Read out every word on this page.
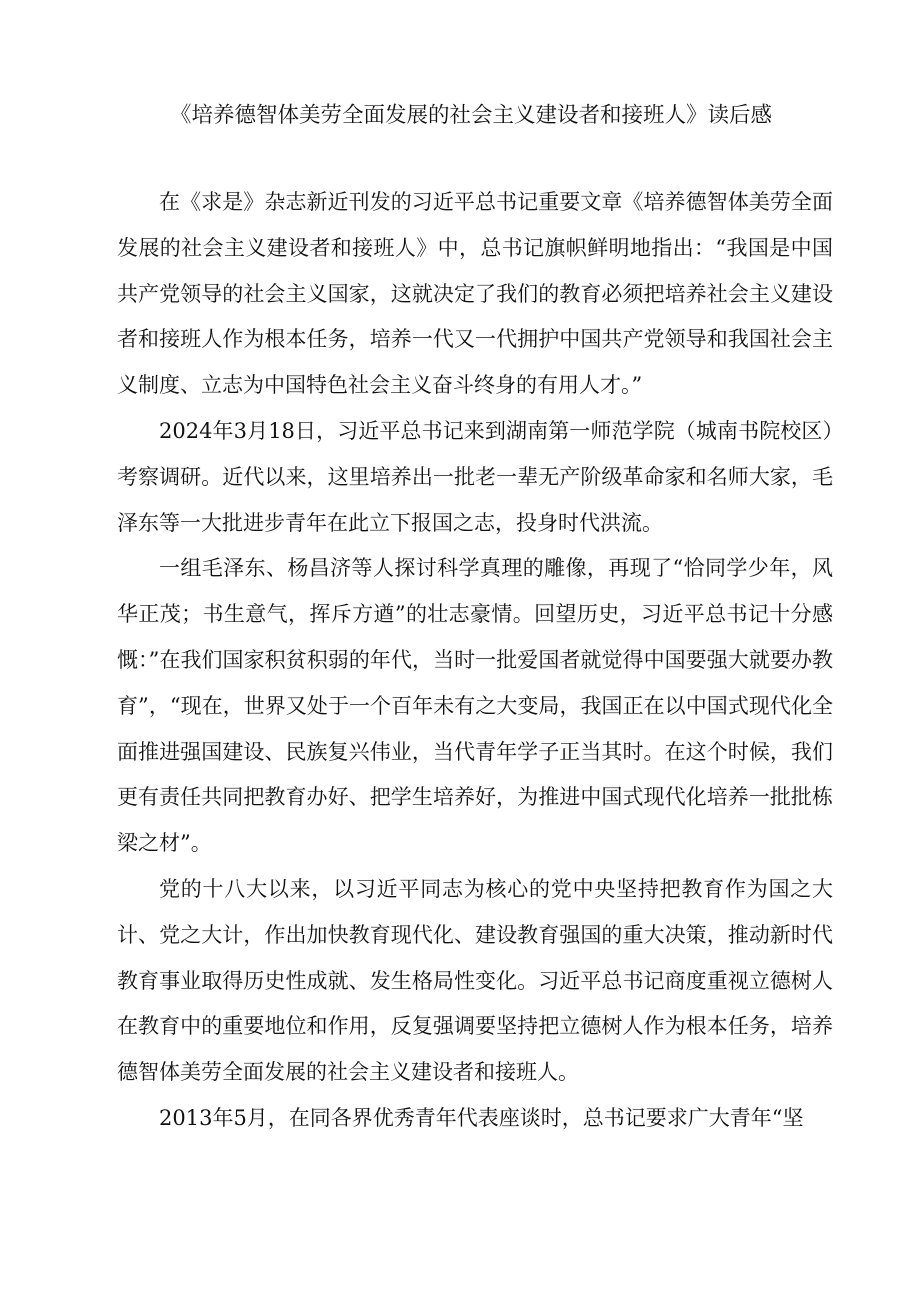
《培养德智体美劳全面发展的社会主义建设者和接班人》读后感

在《求是》杂志新近刊发的习近平总书记重要文章《培养德智体美劳全面发展的社会主义建设者和接班人》中，总书记旗帜鲜明地指出：“我国是中国共产党领导的社会主义国家，这就决定了我们的教育必须把培养社会主义建设者和接班人作为根本任务，培养一代又一代拥护中国共产党领导和我国社会主义制度、立志为中国特色社会主义奋斗终身的有用人才。”

2024年3月18日，习近平总书记来到湖南第一师范学院（城南书院校区）考察调研。近代以来，这里培养出一批老一辈无产阶级革命家和名师大家，毛泽东等一大批进步青年在此立下报国之志，投身时代洪流。

一组毛泽东、杨昌济等人探讨科学真理的雕像，再现了“恰同学少年，风华正茂；书生意气，挥斥方遒”的壮志豪情。回望历史，习近平总书记十分感慨：”在我们国家积贫积弱的年代，当时一批爱国者就觉得中国要强大就要办教育”，“现在，世界又处于一个百年未有之大变局，我国正在以中国式现代化全面推进强国建设、民族复兴伟业，当代青年学子正当其时。在这个时候，我们更有责任共同把教育办好、把学生培养好，为推进中国式现代化培养一批批栋梁之材”。

党的十八大以来，以习近平同志为核心的党中央坚持把教育作为国之大计、党之大计，作出加快教育现代化、建设教育强国的重大决策，推动新时代教育事业取得历史性成就、发生格局性变化。习近平总书记商度重视立德树人在教育中的重要地位和作用，反复强调要坚持把立德树人作为根本任务，培养德智体美劳全面发展的社会主义建设者和接班人。

2013年5月，在同各界优秀青年代表座谈时，总书记要求广大青年“坚
